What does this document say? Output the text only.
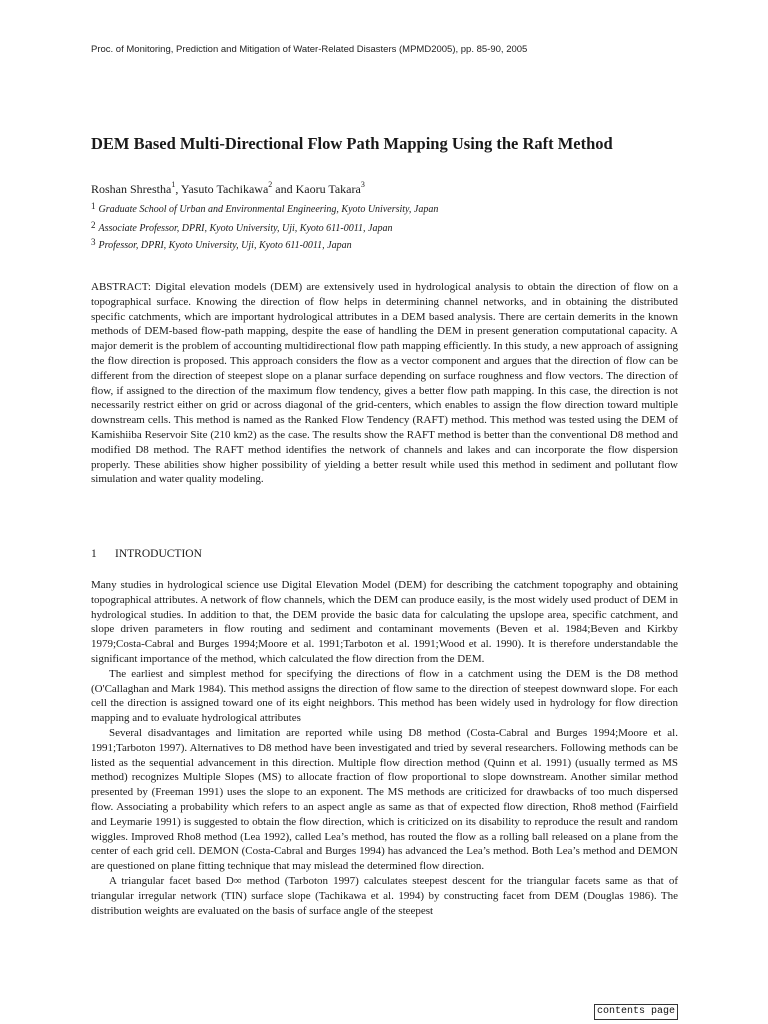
Proc. of Monitoring, Prediction and Mitigation of Water-Related Disasters (MPMD2005), pp. 85-90, 2005
DEM Based Multi-Directional Flow Path Mapping Using the Raft Method
Roshan Shrestha$^1$, Yasuto Tachikawa$^2$ and Kaoru Takara$^3$
$^1$ Graduate School of Urban and Environmental Engineering, Kyoto University, Japan
$^2$ Associate Professor, DPRI, Kyoto University, Uji, Kyoto 611-0011, Japan
$^3$ Professor, DPRI, Kyoto University, Uji, Kyoto 611-0011, Japan

ABSTRACT: Digital elevation models (DEM) are extensively used in hydrological analysis to obtain the direction of flow on a topographical surface. Knowing the direction of flow helps in determining channel networks, and in obtaining the distributed specific catchments, which are important hydrological attributes in a DEM based analysis. There are certain demerits in the known methods of DEM-based flow-path mapping, despite the ease of handling the DEM in present generation computational capacity. A major demerit is the problem of accounting multidirectional flow path mapping efficiently. In this study, a new approach of assigning the flow direction is proposed. This approach considers the flow as a vector component and argues that the direction of flow can be different from the direction of steepest slope on a planar surface depending on surface roughness and flow vectors. The direction of flow, if assigned to the direction of the maximum flow tendency, gives a better flow path mapping. In this case, the direction is not necessarily restrict either on grid or across diagonal of the grid-centers, which enables to assign the flow direction toward multiple downstream cells. This method is named as the Ranked Flow Tendency (RAFT) method. This method was tested using the DEM of Kamishiiba Reservoir Site (210 km2) as the case. The results show the RAFT method is better than the conventional D8 method and modified D8 method. The RAFT method identifies the network of channels and lakes and can incorporate the flow dispersion properly. These abilities show higher possibility of yielding a better result while used this method in sediment and pollutant flow simulation and water quality modeling.

1 INTRODUCTION

Many studies in hydrological science use Digital Elevation Model (DEM) for describing the catchment topography and obtaining topographical attributes. A network of flow channels, which the DEM can produce easily, is the most widely used product of DEM in hydrological studies. In addition to that, the DEM provide the basic data for calculating the upslope area, specific catchment, and slope driven parameters in flow routing and sediment and contaminant movements (Beven et al. 1984;Beven and Kirkby 1979;Costa-Cabral and Burges 1994;Moore et al. 1991;Tarboton et al. 1991;Wood et al. 1990). It is therefore understandable the significant importance of the method, which calculated the flow direction from the DEM.

The earliest and simplest method for specifying the directions of flow in a catchment using the DEM is the D8 method (O'Callaghan and Mark 1984). This method assigns the direction of flow same to the direction of steepest downward slope. For each cell the direction is assigned toward one of its eight neighbors. This method has been widely used in hydrology for flow direction mapping and to evaluate hydrological attributes

Several disadvantages and limitation are reported while using D8 method (Costa-Cabral and Burges 1994;Moore et al. 1991;Tarboton 1997). Alternatives to D8 method have been investigated and tried by several researchers. Following methods can be listed as the sequential advancement in this direction. Multiple flow direction method (Quinn et al. 1991) (usually termed as MS method) recognizes Multiple Slopes (MS) to allocate fraction of flow proportional to slope downstream. Another similar method presented by (Freeman 1991) uses the slope to an exponent. The MS methods are criticized for drawbacks of too much dispersed flow. Associating a probability which refers to an aspect angle as same as that of expected flow direction, Rho8 method (Fairfield and Leymarie 1991) is suggested to obtain the flow direction, which is criticized on its disability to reproduce the result and random wiggles. Improved Rho8 method (Lea 1992), called Lea’s method, has routed the flow as a rolling ball released on a plane from the center of each grid cell. DEMON (Costa-Cabral and Burges 1994) has advanced the Lea’s method. Both Lea’s method and DEMON are questioned on plane fitting technique that may mislead the determined flow direction.

A triangular facet based D∞ method (Tarboton 1997) calculates steepest descent for the triangular facets same as that of triangular irregular network (TIN) surface slope (Tachikawa et al. 1994) by constructing facet from DEM (Douglas 1986). The distribution weights are evaluated on the basis of surface angle of the steepest

contents page
